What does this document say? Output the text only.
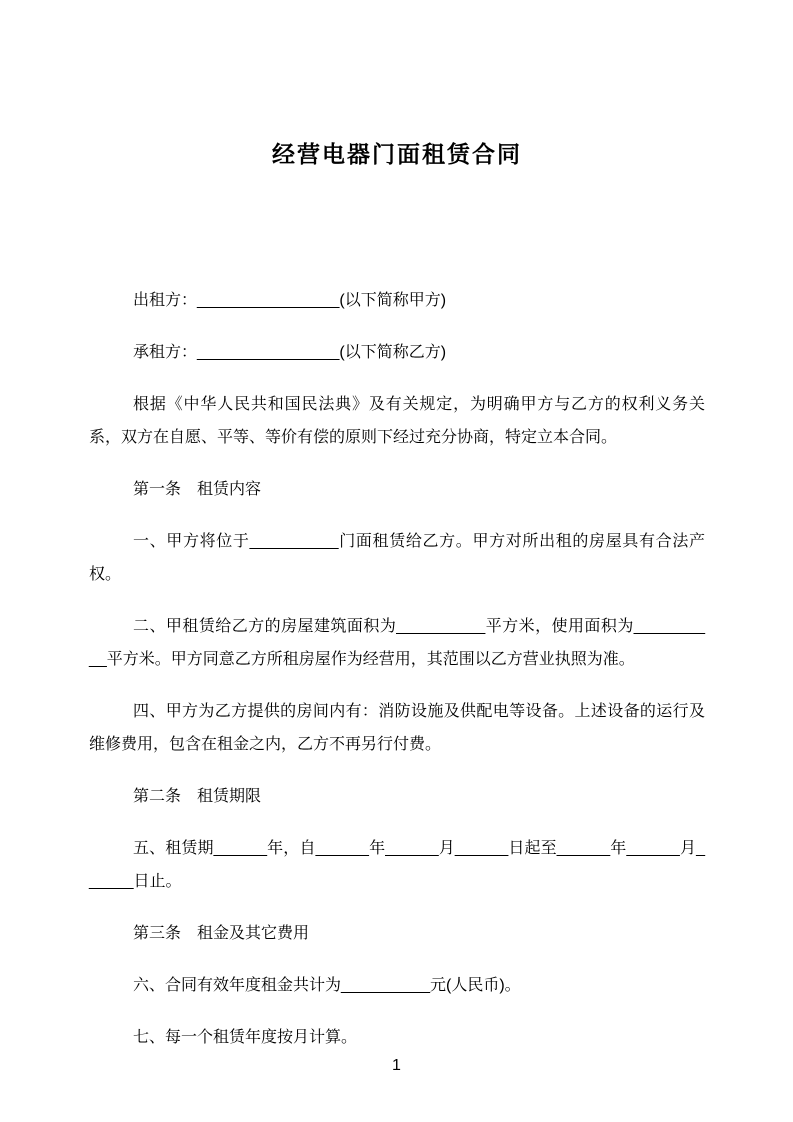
经营电器门面租赁合同

出租方：________________(以下简称甲方)

承租方：________________(以下简称乙方)

根据《中华人民共和国民法典》及有关规定，为明确甲方与乙方的权利义务关系，双方在自愿、平等、等价有偿的原则下经过充分协商，特定立本合同。

第一条　租赁内容

一、甲方将位于__________门面租赁给乙方。甲方对所出租的房屋具有合法产权。

二、甲租赁给乙方的房屋建筑面积为__________平方米，使用面积为________ __平方米。甲方同意乙方所租房屋作为经营用，其范围以乙方营业执照为准。

四、甲方为乙方提供的房间内有：消防设施及供配电等设备。上述设备的运行及维修费用，包含在租金之内，乙方不再另行付费。

第二条　租赁期限

五、租赁期______年，自______年______月______日起至______年______月______日止。

第三条　租金及其它费用

六、合同有效年度租金共计为__________元(人民币)。

七、每一个租赁年度按月计算。

1
